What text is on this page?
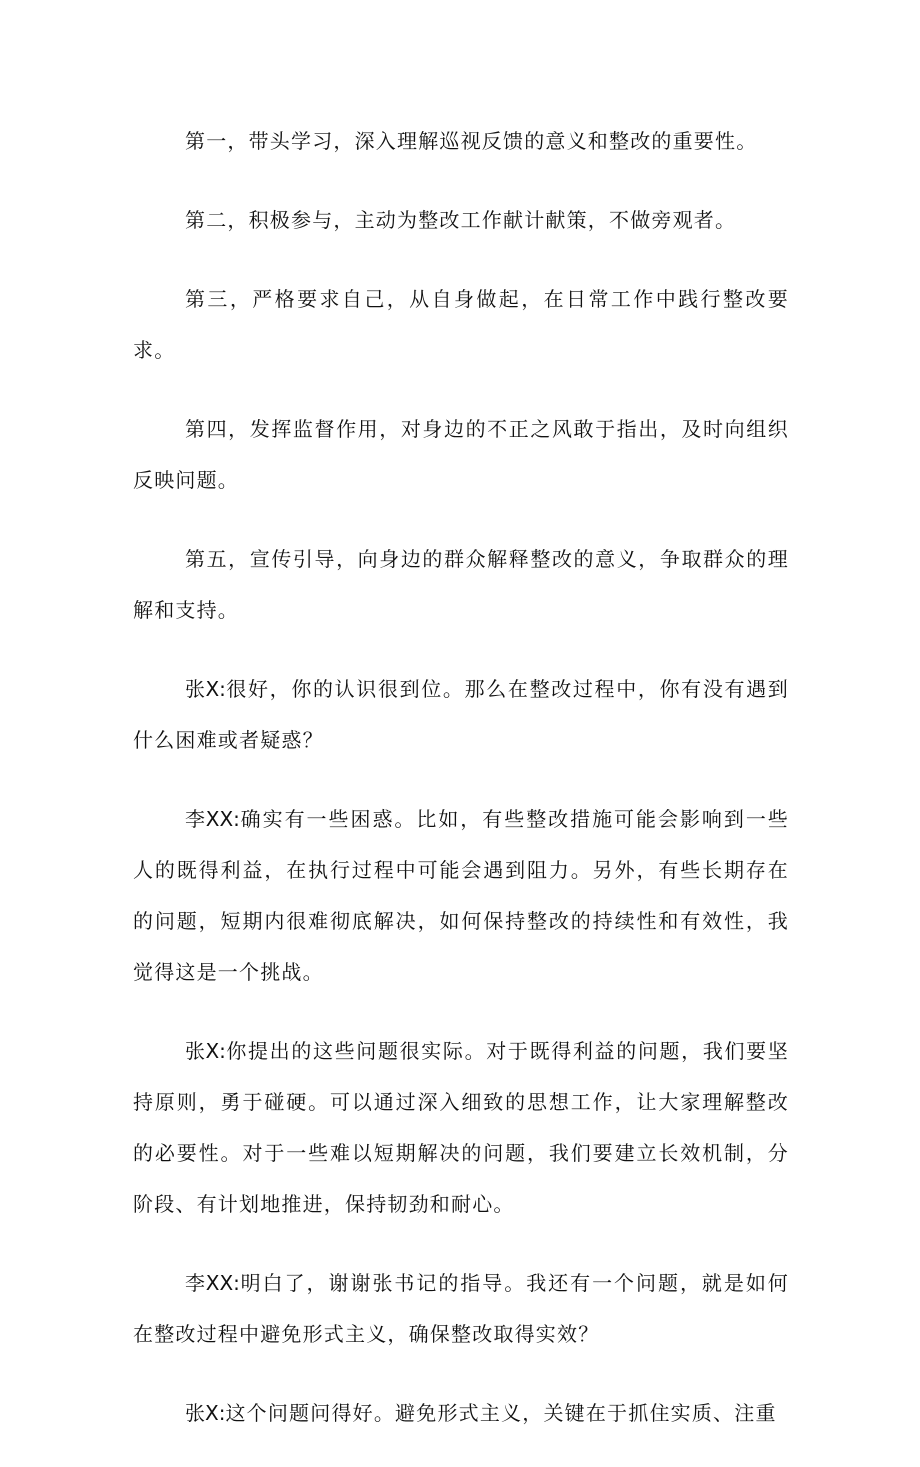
第一，带头学习，深入理解巡视反馈的意义和整改的重要性。

第二，积极参与，主动为整改工作献计献策，不做旁观者。

第三，严格要求自己，从自身做起，在日常工作中践行整改要求。

第四，发挥监督作用，对身边的不正之风敢于指出，及时向组织反映问题。

第五，宣传引导，向身边的群众解释整改的意义，争取群众的理解和支持。

张X:很好，你的认识很到位。那么在整改过程中，你有没有遇到什么困难或者疑惑？

李XX:确实有一些困惑。比如，有些整改措施可能会影响到一些人的既得利益，在执行过程中可能会遇到阻力。另外，有些长期存在的问题，短期内很难彻底解决，如何保持整改的持续性和有效性，我觉得这是一个挑战。

张X:你提出的这些问题很实际。对于既得利益的问题，我们要坚持原则，勇于碰硬。可以通过深入细致的思想工作，让大家理解整改的必要性。对于一些难以短期解决的问题，我们要建立长效机制，分阶段、有计划地推进，保持韧劲和耐心。

李XX:明白了，谢谢张书记的指导。我还有一个问题，就是如何在整改过程中避免形式主义，确保整改取得实效？

张X:这个问题问得好。避免形式主义，关键在于抓住实质、注重
